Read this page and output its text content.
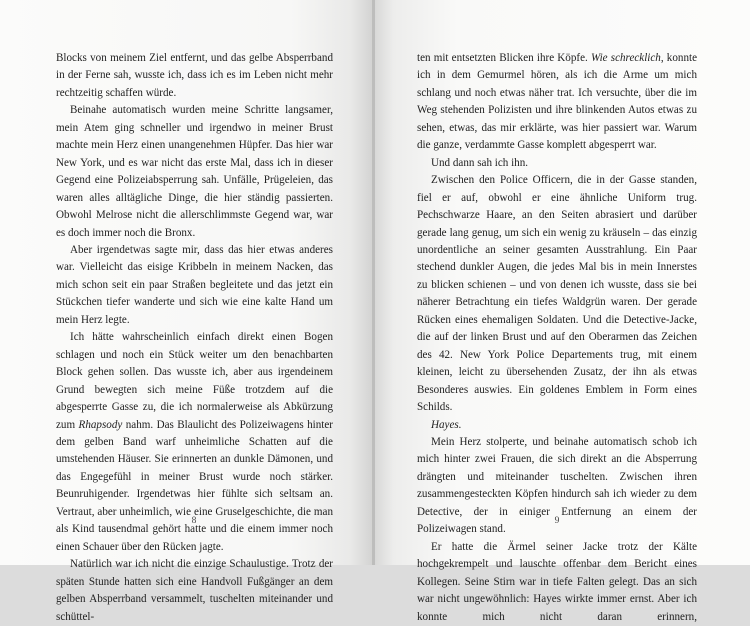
Blocks von meinem Ziel entfernt, und das gelbe Absperrband in der Ferne sah, wusste ich, dass ich es im Leben nicht mehr rechtzeitig schaffen würde.

Beinahe automatisch wurden meine Schritte langsamer, mein Atem ging schneller und irgendwo in meiner Brust machte mein Herz einen unangenehmen Hüpfer. Das hier war New York, und es war nicht das erste Mal, dass ich in dieser Gegend eine Polizeiabsperrung sah. Unfälle, Prügeleien, das waren alles alltägliche Dinge, die hier ständig passierten. Obwohl Melrose nicht die allerschlimmste Gegend war, war es doch immer noch die Bronx.

Aber irgendetwas sagte mir, dass das hier etwas anderes war. Vielleicht das eisige Kribbeln in meinem Nacken, das mich schon seit ein paar Straßen begleitete und das jetzt ein Stückchen tiefer wanderte und sich wie eine kalte Hand um mein Herz legte.

Ich hätte wahrscheinlich einfach direkt einen Bogen schlagen und noch ein Stück weiter um den benachbarten Block gehen sollen. Das wusste ich, aber aus irgendeinem Grund bewegten sich meine Füße trotzdem auf die abgesperrte Gasse zu, die ich normalerweise als Abkürzung zum Rhapsody nahm. Das Blaulicht des Polizeiwagens hinter dem gelben Band warf unheimliche Schatten auf die umstehenden Häuser. Sie erinnerten an dunkle Dämonen, und das Engegefühl in meiner Brust wurde noch stärker. Beunruhigender. Irgendetwas hier fühlte sich seltsam an. Vertraut, aber unheimlich, wie eine Gruselgeschichte, die man als Kind tausendmal gehört hatte und die einem immer noch einen Schauer über den Rücken jagte.

Natürlich war ich nicht die einzige Schaulustige. Trotz der späten Stunde hatten sich eine Handvoll Fußgänger an dem gelben Absperrband versammelt, tuschelten miteinander und schüttel-

8

ten mit entsetzten Blicken ihre Köpfe. Wie schrecklich, konnte ich in dem Gemurmel hören, als ich die Arme um mich schlang und noch etwas näher trat. Ich versuchte, über die im Weg stehenden Polizisten und ihre blinkenden Autos etwas zu sehen, etwas, das mir erklärte, was hier passiert war. Warum die ganze, verdammte Gasse komplett abgesperrt war.

Und dann sah ich ihn.

Zwischen den Police Officern, die in der Gasse standen, fiel er auf, obwohl er eine ähnliche Uniform trug. Pechschwarze Haare, an den Seiten abrasiert und darüber gerade lang genug, um sich ein wenig zu kräuseln – das einzig unordentliche an seiner gesamten Ausstrahlung. Ein Paar stechend dunkler Augen, die jedes Mal bis in mein Innerstes zu blicken schienen – und von denen ich wusste, dass sie bei näherer Betrachtung ein tiefes Waldgrün waren. Der gerade Rücken eines ehemaligen Soldaten. Und die Detective-Jacke, die auf der linken Brust und auf den Oberarmen das Zeichen des 42. New York Police Departements trug, mit einem kleinen, leicht zu übersehenden Zusatz, der ihn als etwas Besonderes auswies. Ein goldenes Emblem in Form eines Schilds.

Hayes.

Mein Herz stolperte, und beinahe automatisch schob ich mich hinter zwei Frauen, die sich direkt an die Absperrung drängten und miteinander tuschelten. Zwischen ihren zusammengesteckten Köpfen hindurch sah ich wieder zu dem Detective, der in einiger Entfernung an einem der Polizeiwagen stand.

Er hatte die Ärmel seiner Jacke trotz der Kälte hochgekrempelt und lauschte offenbar dem Bericht eines Kollegen. Seine Stirn war in tiefe Falten gelegt. Das an sich war nicht ungewöhnlich: Hayes wirkte immer ernst. Aber ich konnte mich nicht daran erinnern,

9
